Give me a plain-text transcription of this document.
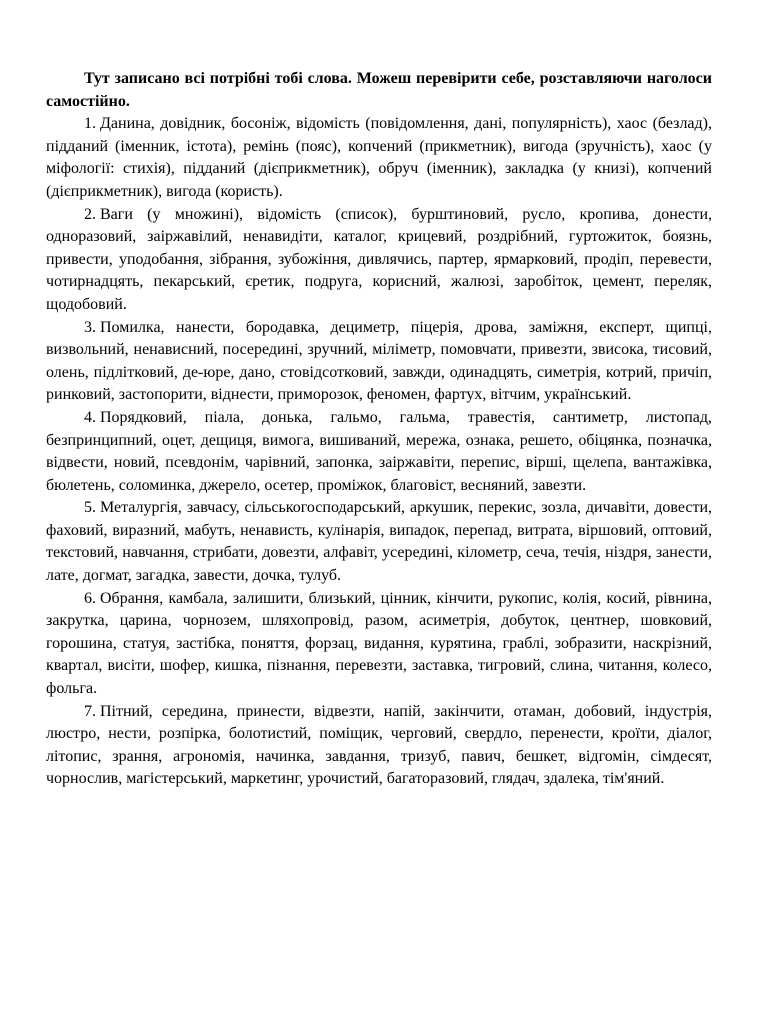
Тут записано всі потрібні тобі слова. Можеш перевірити себе, розставляючи наголоси самостійно.

1. Данина, довідник, босоніж, відомість (повідомлення, дані, популярність), хаос (безлад), підданий (іменник, істота), ремінь (пояс), копчений (прикметник), вигода (зручність), хаос (у міфології: стихія), підданий (дієприкметник), обруч (іменник), закладка (у книзі), копчений (дієприкметник), вигода (користь).

2. Ваги (у множині), відомість (список), бурштиновий, русло, кропива, донести, одноразовий, заіржавілий, ненавидіти, каталог, крицевий, роздрібний, гуртожиток, боязнь, привести, уподобання, зібрання, зубожіння, дивлячись, партер, ярмарковий, продіп, перевести, чотирнадцять, пекарський, єретик, подруга, корисний, жалюзі, заробіток, цемент, переляк, щодобовий.

3. Помилка, нанести, бородавка, дециметр, піцерія, дрова, заміжня, експерт, щипці, визвольний, ненависний, посередині, зручний, міліметр, помовчати, привезти, звисока, тисовий, олень, підлітковий, де-юре, дано, стовідсотковий, завжди, одинадцять, симетрія, котрий, причіп, ринковий, застопорити, віднести, приморозок, феномен, фартух, вітчим, український.

4. Порядковий, піала, донька, гальмо, гальма, травестія, сантиметр, листопад, безпринципний, оцет, дещиця, вимога, вишиваний, мережа, ознака, решето, обіцянка, позначка, відвести, новий, псевдонім, чарівний, запонка, заіржавіти, перепис, вірші, щелепа, вантажівка, бюлетень, соломинка, джерело, осетер, проміжок, благовіст, весняний, завезти.

5. Металургія, завчасу, сільськогосподарський, аркушик, перекис, зозла, дичавіти, довести, фаховий, виразний, мабуть, ненависть, кулінарія, випадок, перепад, витрата, віршовий, оптовий, текстовий, навчання, стрибати, довезти, алфавіт, усередині, кілометр, сеча, течія, ніздря, занести, лате, догмат, загадка, завести, дочка, тулуб.

6. Обрання, камбала, залишити, близький, цінник, кінчити, рукопис, колія, косий, рівнина, закрутка, царина, чорнозем, шляхопровід, разом, асиметрія, добуток, центнер, шовковий, горошина, статуя, застібка, поняття, форзац, видання, курятина, граблі, зобразити, наскрізний, квартал, висіти, шофер, кишка, пізнання, перевезти, заставка, тигровий, слина, читання, колесо, фольга.

7. Пітний, середина, принести, відвезти, напій, закінчити, отаман, добовий, індустрія, люстро, нести, розпірка, болотистий, поміщик, черговий, свердло, перенести, кроїти, діалог, літопис, зрання, агрономія, начинка, завдання, тризуб, павич, бешкет, відгомін, сімдесят, чорнослив, магістерський, маркетинг, урочистий, багаторазовий, глядач, здалека, тім'яний.
